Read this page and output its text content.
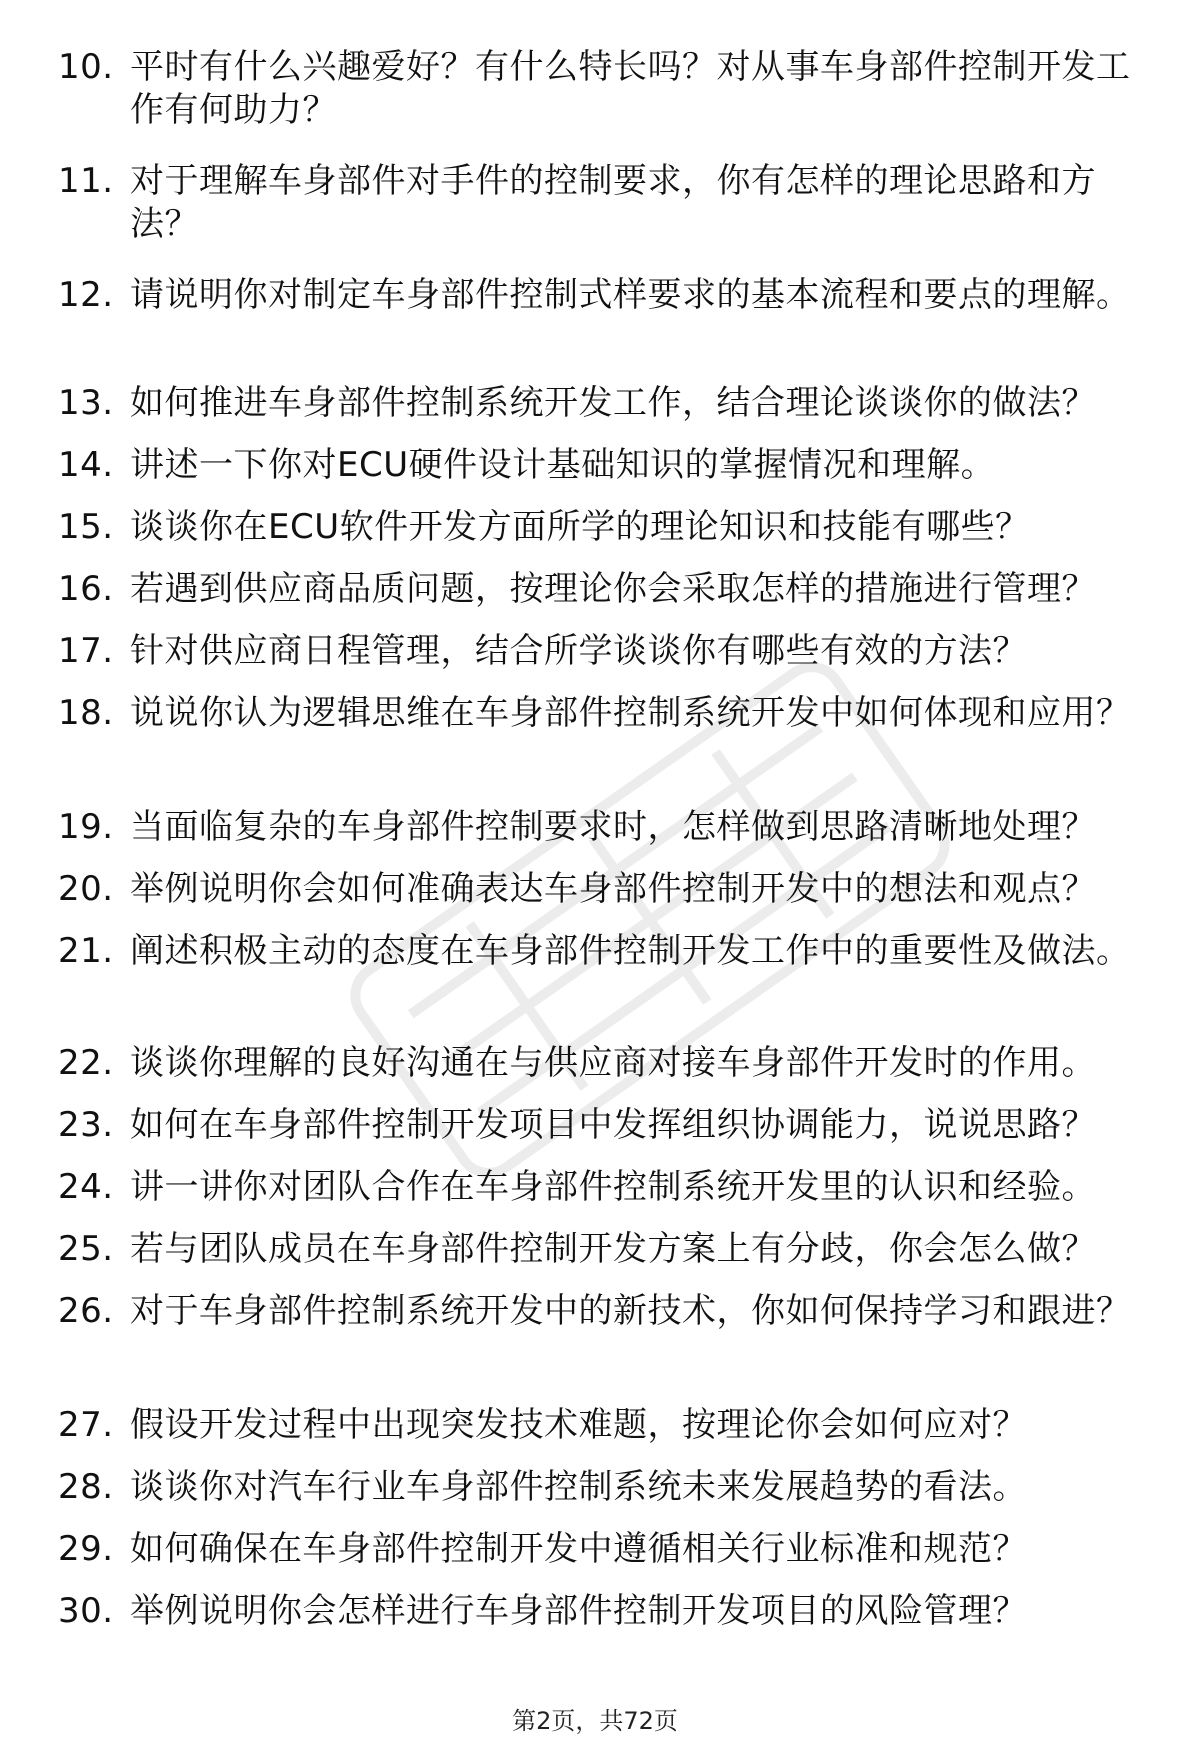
10. 平时有什么兴趣爱好？有什么特长吗？对从事车身部件控制开发工作有何助力？
11. 对于理解车身部件对手件的控制要求，你有怎样的理论思路和方法？
12. 请说明你对制定车身部件控制式样要求的基本流程和要点的理解。
13. 如何推进车身部件控制系统开发工作，结合理论谈谈你的做法？
14. 讲述一下你对ECU硬件设计基础知识的掌握情况和理解。
15. 谈谈你在ECU软件开发方面所学的理论知识和技能有哪些？
16. 若遇到供应商品质问题，按理论你会采取怎样的措施进行管理？
17. 针对供应商日程管理，结合所学谈谈你有哪些有效的方法？
18. 说说你认为逻辑思维在车身部件控制系统开发中如何体现和应用？
19. 当面临复杂的车身部件控制要求时，怎样做到思路清晰地处理？
20. 举例说明你会如何准确表达车身部件控制开发中的想法和观点？
21. 阐述积极主动的态度在车身部件控制开发工作中的重要性及做法。
22. 谈谈你理解的良好沟通在与供应商对接车身部件开发时的作用。
23. 如何在车身部件控制开发项目中发挥组织协调能力，说说思路？
24. 讲一讲你对团队合作在车身部件控制系统开发里的认识和经验。
25. 若与团队成员在车身部件控制开发方案上有分歧，你会怎么做？
26. 对于车身部件控制系统开发中的新技术，你如何保持学习和跟进？
27. 假设开发过程中出现突发技术难题，按理论你会如何应对？
28. 谈谈你对汽车行业车身部件控制系统未来发展趋势的看法。
29. 如何确保在车身部件控制开发中遵循相关行业标准和规范？
30. 举例说明你会怎样进行车身部件控制开发项目的风险管理？
第2页，共72页
